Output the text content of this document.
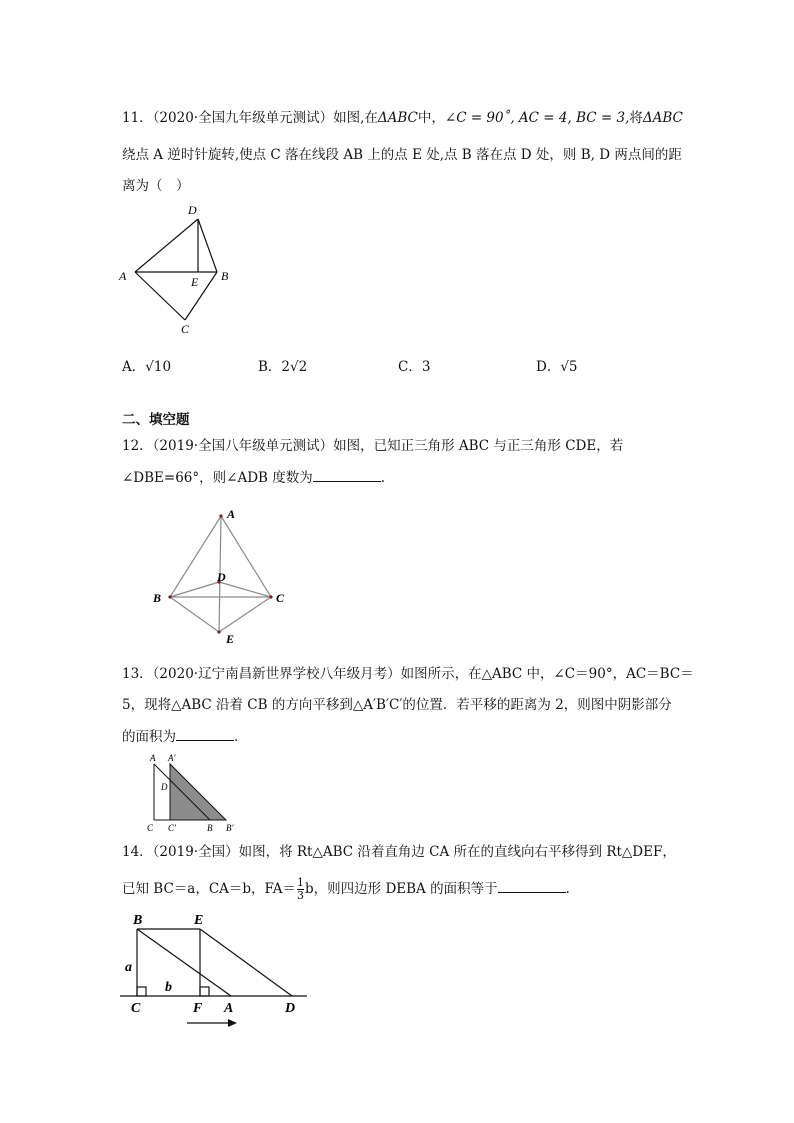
11．（2020·全国九年级单元测试）如图,在ΔABC中，∠C = 90˚, AC = 4, BC = 3,将ΔABC
绕点 A 逆时针旋转,使点 C 落在线段 AB 上的点 E 处,点 B 落在点 D 处，则 B, D 两点间的距
离为（　）
D
A	E B
C
A．√10	B．2√2	C．3	D．√5
二、填空题
12．（2019·全国八年级单元测试）如图，已知正三角形 ABC 与正三角形 CDE，若
∠DBE=66°，则∠ADB 度数为	.
A
B	C
D
E
13．（2020·辽宁南昌新世界学校八年级月考）如图所示，在△ABC 中，∠C＝90°，AC＝BC＝
5，现将△ABC 沿着 CB 的方向平移到△A′B′C′的位置．若平移的距离为 2，则图中阴影部分
的面积为	．
A A′
D
C C′	B B′
14．（2019·全国）如图，将 Rt△ABC 沿着直角边 CA 所在的直线向右平移得到 Rt△DEF，
已知 BC＝a，CA＝b，$FA= \frac{1}{3}$ b，则四边形 DEBA 的面积等于	．
B	E
a
b
C	F A	D
